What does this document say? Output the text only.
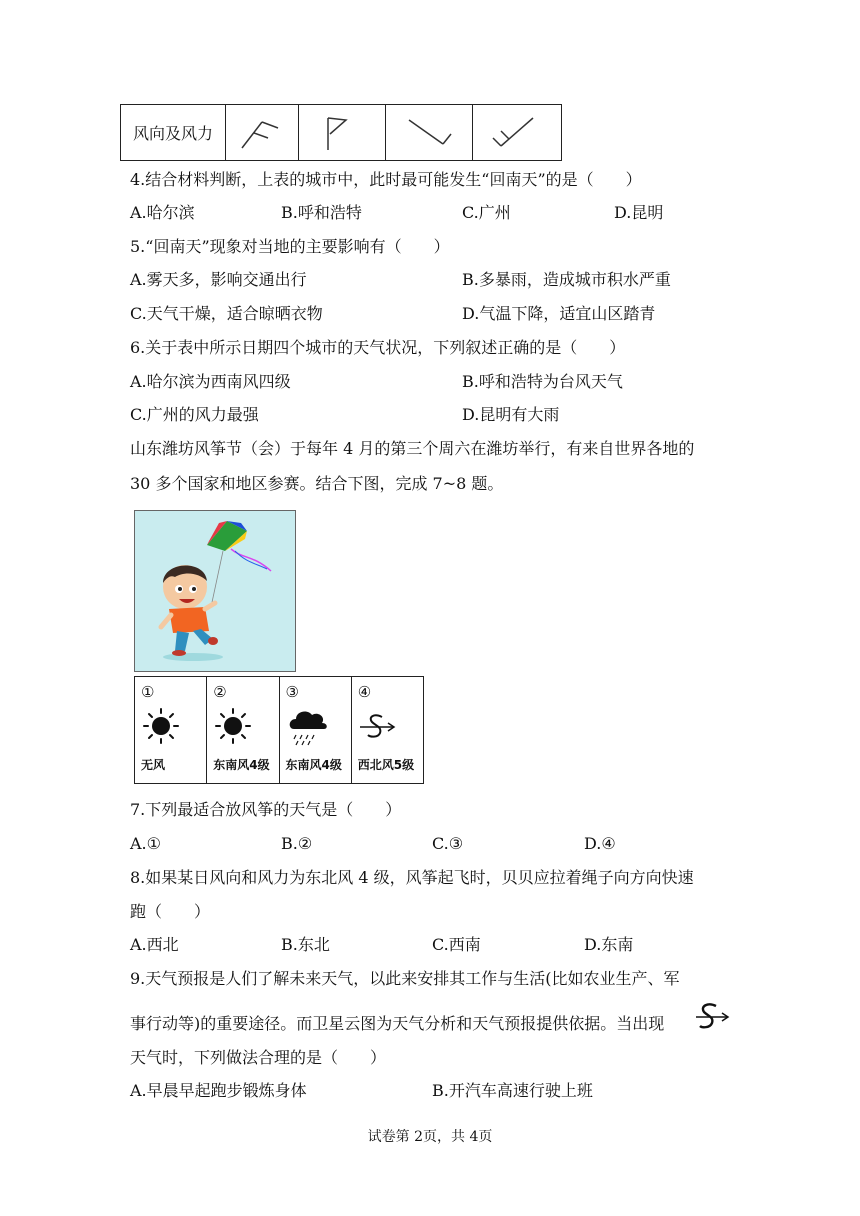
风向及风力				
4.结合材料判断，上表的城市中，此时最可能发生“回南天”的是（　　）
A.哈尔滨	B.呼和浩特	C.广州	D.昆明
5.“回南天”现象对当地的主要影响有（　　）
A.雾天多，影响交通出行	B.多暴雨，造成城市积水严重
C.天气干燥，适合晾晒衣物	D.气温下降，适宜山区踏青
6.关于表中所示日期四个城市的天气状况，下列叙述正确的是（　　）
A.哈尔滨为西南风四级	B.呼和浩特为台风天气
C.广州的风力最强	D.昆明有大雨
山东潍坊风筝节（会）于每年 4 月的第三个周六在潍坊举行，有来自世界各地的
30 多个国家和地区参赛。结合下图，完成 7~8 题。
①
无风
②
东南风4级
③
东南风4级
④
西北风5级
7.下列最适合放风筝的天气是（　　）
A.①	B.②	C.③	D.④
8.如果某日风向和风力为东北风 4 级，风筝起飞时，贝贝应拉着绳子向方向快速
跑（　　）
A.西北	B.东北	C.西南	D.东南
9.天气预报是人们了解未来天气，以此来安排其工作与生活(比如农业生产、军
事行动等)的重要途径。而卫星云图为天气分析和天气预报提供依据。当出现
天气时，下列做法合理的是（　　）
A.早晨早起跑步锻炼身体	B.开汽车高速行驶上班
试卷第 2页，共 4页
